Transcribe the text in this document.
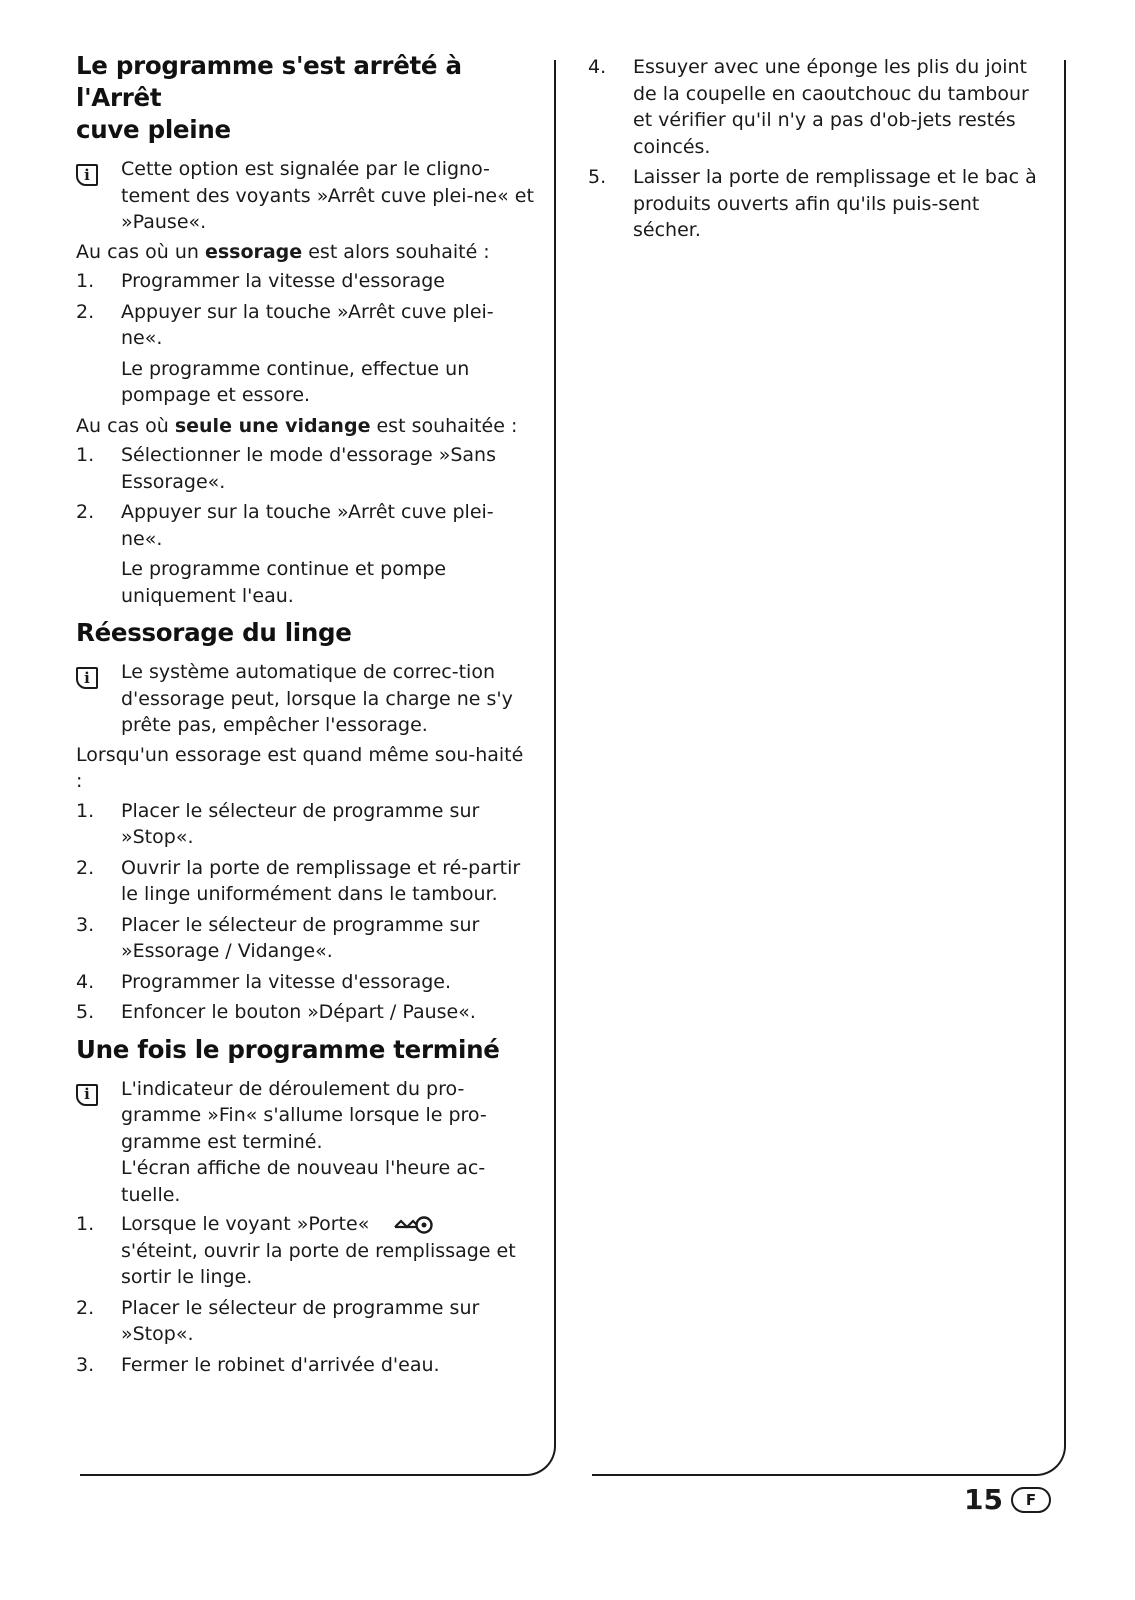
Le programme s'est arrêté à l'Arrêt
cuve pleine
i	Cette option est signalée par le cligno-tement des voyants »Arrêt cuve plei-ne« et »Pause«.

Au cas où un essorage est alors souhaité :

1. Programmer la vitesse d'essorage
2. Appuyer sur la touche »Arrêt cuve plei-ne«.
Le programme continue, effectue un pompage et essore.

Au cas où seule une vidange est souhaitée :

1. Sélectionner le mode d'essorage »Sans Essorage«.
2. Appuyer sur la touche »Arrêt cuve plei-ne«.
Le programme continue et pompe uniquement l'eau.
Réessorage du linge
i	Le système automatique de correc-tion d'essorage peut, lorsque la charge ne s'y prête pas, empêcher l'essorage.

Lorsqu'un essorage est quand même sou-haité :

1. Placer le sélecteur de programme sur »Stop«.
2. Ouvrir la porte de remplissage et ré-partir le linge uniformément dans le tambour.
3. Placer le sélecteur de programme sur »Essorage / Vidange«.
4. Programmer la vitesse d'essorage.
5. Enfoncer le bouton »Départ / Pause«.
Une fois le programme terminé
i	L'indicateur de déroulement du pro-gramme »Fin« s'allume lorsque le pro-gramme est terminé.
L'écran affiche de nouveau l'heure ac-tuelle.
1. Lorsque le voyant »Porte«
s'éteint, ouvrir la porte de remplissage et sortir le linge.
2. Placer le sélecteur de programme sur »Stop«.
3. Fermer le robinet d'arrivée d'eau.
4. Essuyer avec une éponge les plis du joint de la coupelle en caoutchouc du tambour et vérifier qu'il n'y a pas d'ob-jets restés coincés.
5. Laisser la porte de remplissage et le bac à produits ouverts afin qu'ils puis-sent sécher.
15	F
